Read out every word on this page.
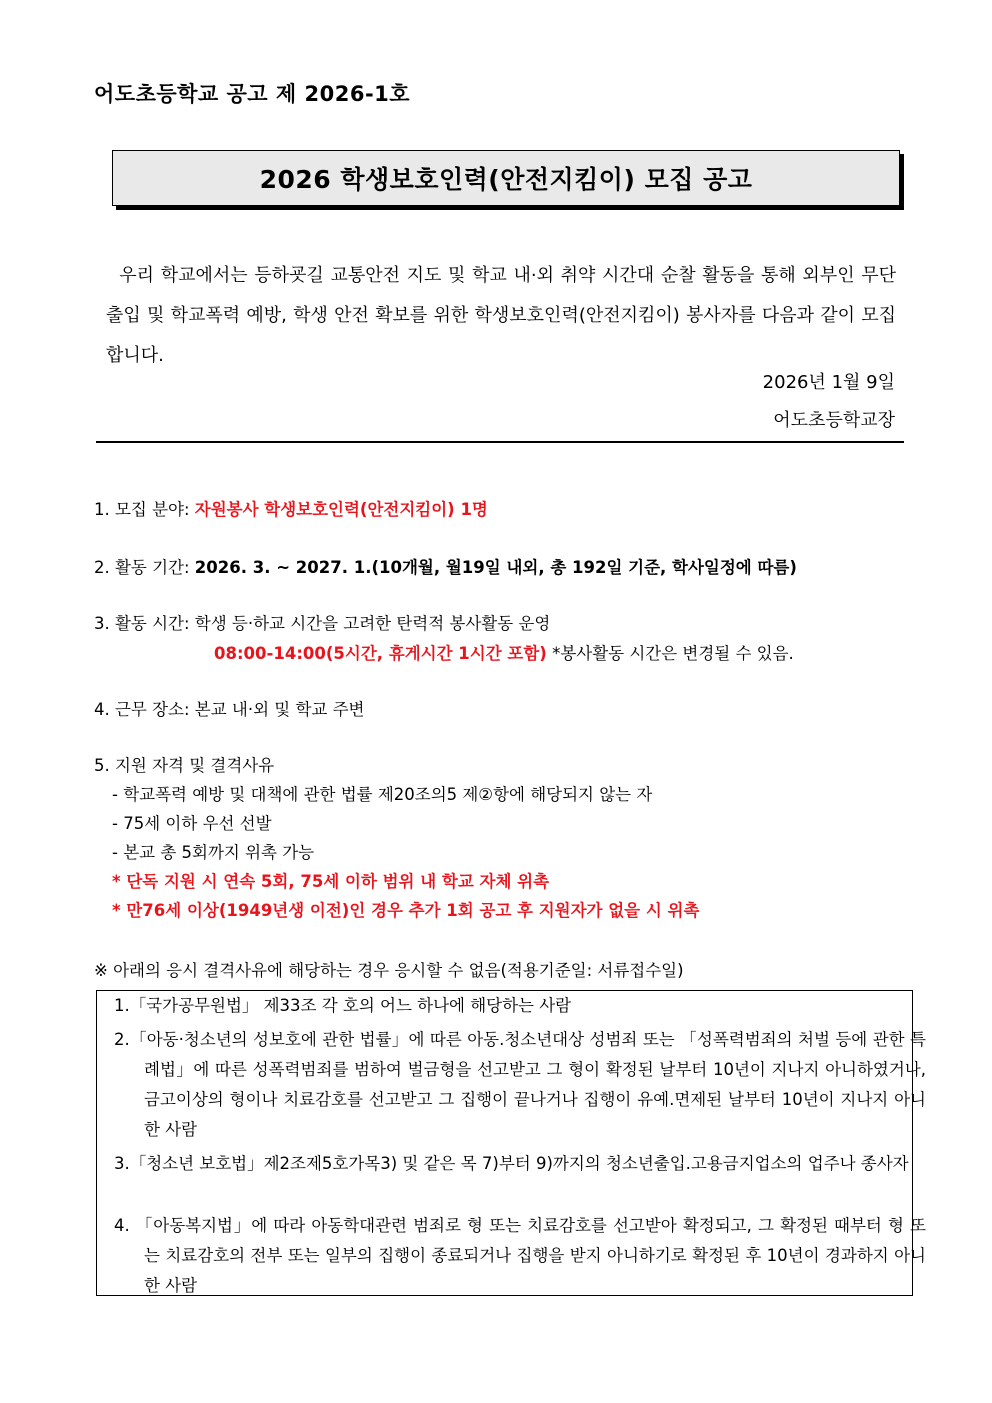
어도초등학교 공고 제 2026-1호
2026 학생보호인력(안전지킴이) 모집 공고
우리 학교에서는 등하굣길 교통안전 지도 및 학교 내·외 취약 시간대 순찰 활동을 통해 외부인 무단 출입 및 학교폭력 예방, 학생 안전 확보를 위한 학생보호인력(안전지킴이) 봉사자를 다음과 같이 모집합니다.
2026년 1월 9일
어도초등학교장
1. 모집 분야: 자원봉사 학생보호인력(안전지킴이) 1명
2. 활동 기간: 2026. 3. ~ 2027. 1.(10개월, 월19일 내외, 총 192일 기준, 학사일정에 따름)
3. 활동 시간: 학생 등·하교 시간을 고려한 탄력적 봉사활동 운영
08:00-14:00(5시간, 휴게시간 1시간 포함) *봉사활동 시간은 변경될 수 있음.
4. 근무 장소: 본교 내·외 및 학교 주변
5. 지원 자격 및 결격사유
- 학교폭력 예방 및 대책에 관한 법률 제20조의5 제②항에 해당되지 않는 자
- 75세 이하 우선 선발
- 본교 총 5회까지 위촉 가능
* 단독 지원 시 연속 5회, 75세 이하 범위 내 학교 자체 위촉
* 만76세 이상(1949년생 이전)인 경우 추가 1회 공고 후 지원자가 없을 시 위촉
※ 아래의 응시 결격사유에 해당하는 경우 응시할 수 없음(적용기준일: 서류접수일)
1.「국가공무원법」 제33조 각 호의 어느 하나에 해당하는 사람
2.「아동·청소년의 성보호에 관한 법률」에 따른 아동.청소년대상 성범죄 또는 「성폭력범죄의 처벌 등에 관한 특례법」에 따른 성폭력범죄를 범하여 벌금형을 선고받고 그 형이 확정된 날부터 10년이 지나지 아니하였거나, 금고이상의 형이나 치료감호를 선고받고 그 집행이 끝나거나 집행이 유예.면제된 날부터 10년이 지나지 아니한 사람
3.「청소년 보호법」제2조제5호가목3) 및 같은 목 7)부터 9)까지의 청소년출입.고용금지업소의 업주나 종사자
4. 「아동복지법」에 따라 아동학대관련 범죄로 형 또는 치료감호를 선고받아 확정되고, 그 확정된 때부터 형 또는 치료감호의 전부 또는 일부의 집행이 종료되거나 집행을 받지 아니하기로 확정된 후 10년이 경과하지 아니한 사람
